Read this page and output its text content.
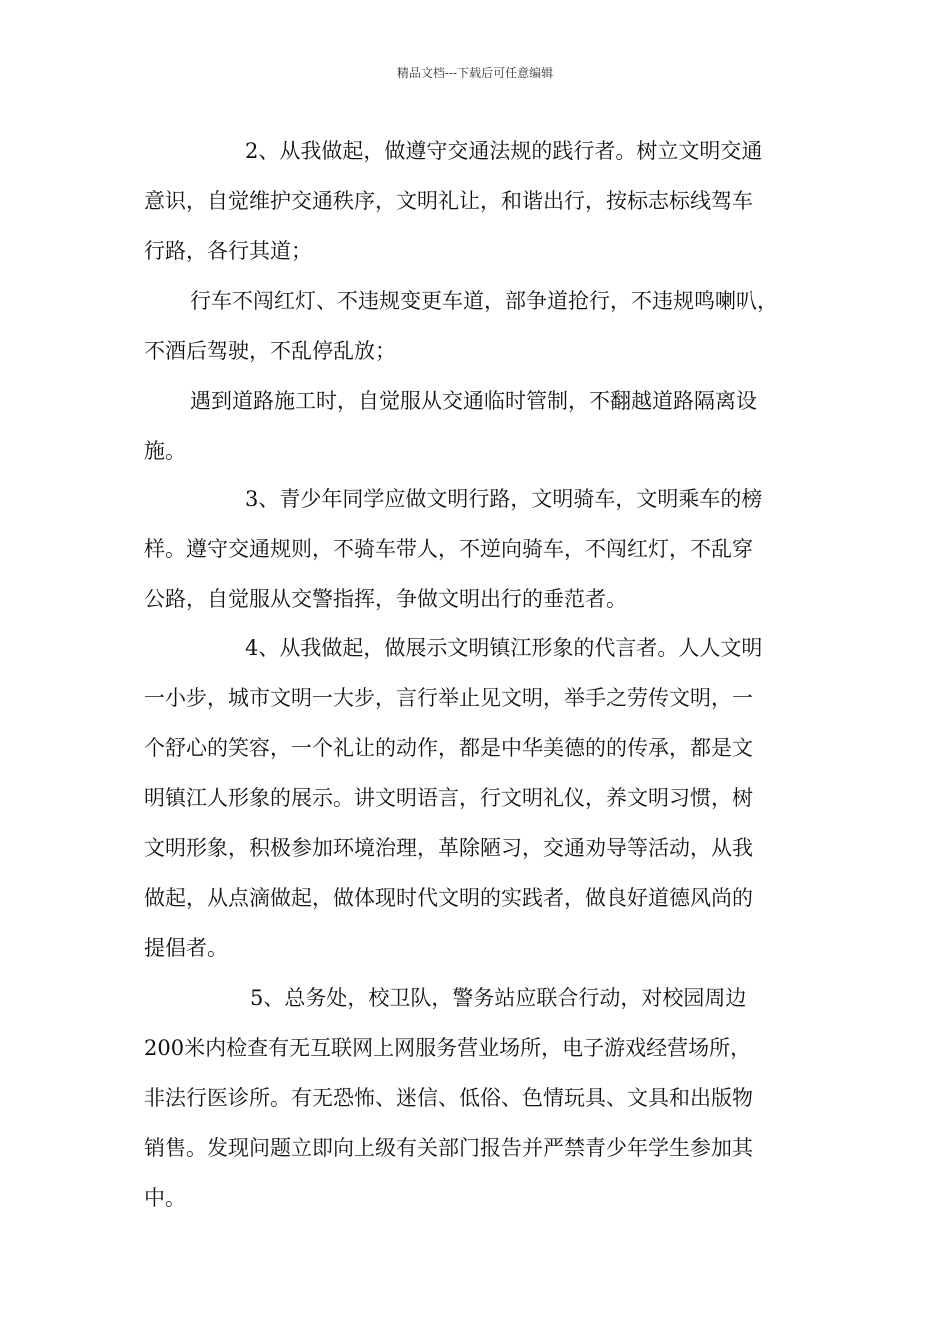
精品文档---下载后可任意编辑
2、从我做起，做遵守交通法规的践行者。树立文明交通
意识，自觉维护交通秩序，文明礼让，和谐出行，按标志标线驾车
行路，各行其道；
行车不闯红灯、不违规变更车道，部争道抢行，不违规鸣喇叭，
不酒后驾驶，不乱停乱放；
遇到道路施工时，自觉服从交通临时管制，不翻越道路隔离设
施。
3、青少年同学应做文明行路，文明骑车，文明乘车的榜
样。遵守交通规则，不骑车带人，不逆向骑车，不闯红灯，不乱穿
公路，自觉服从交警指挥，争做文明出行的垂范者。
4、从我做起，做展示文明镇江形象的代言者。人人文明
一小步，城市文明一大步，言行举止见文明，举手之劳传文明，一
个舒心的笑容，一个礼让的动作，都是中华美德的的传承，都是文
明镇江人形象的展示。讲文明语言，行文明礼仪，养文明习惯，树
文明形象，积极参加环境治理，革除陋习，交通劝导等活动，从我
做起，从点滴做起，做体现时代文明的实践者，做良好道德风尚的
提倡者。
5、总务处，校卫队，警务站应联合行动，对校园周边
200米内检查有无互联网上网服务营业场所，电子游戏经营场所，
非法行医诊所。有无恐怖、迷信、低俗、色情玩具、文具和出版物
销售。发现问题立即向上级有关部门报告并严禁青少年学生参加其
中。
